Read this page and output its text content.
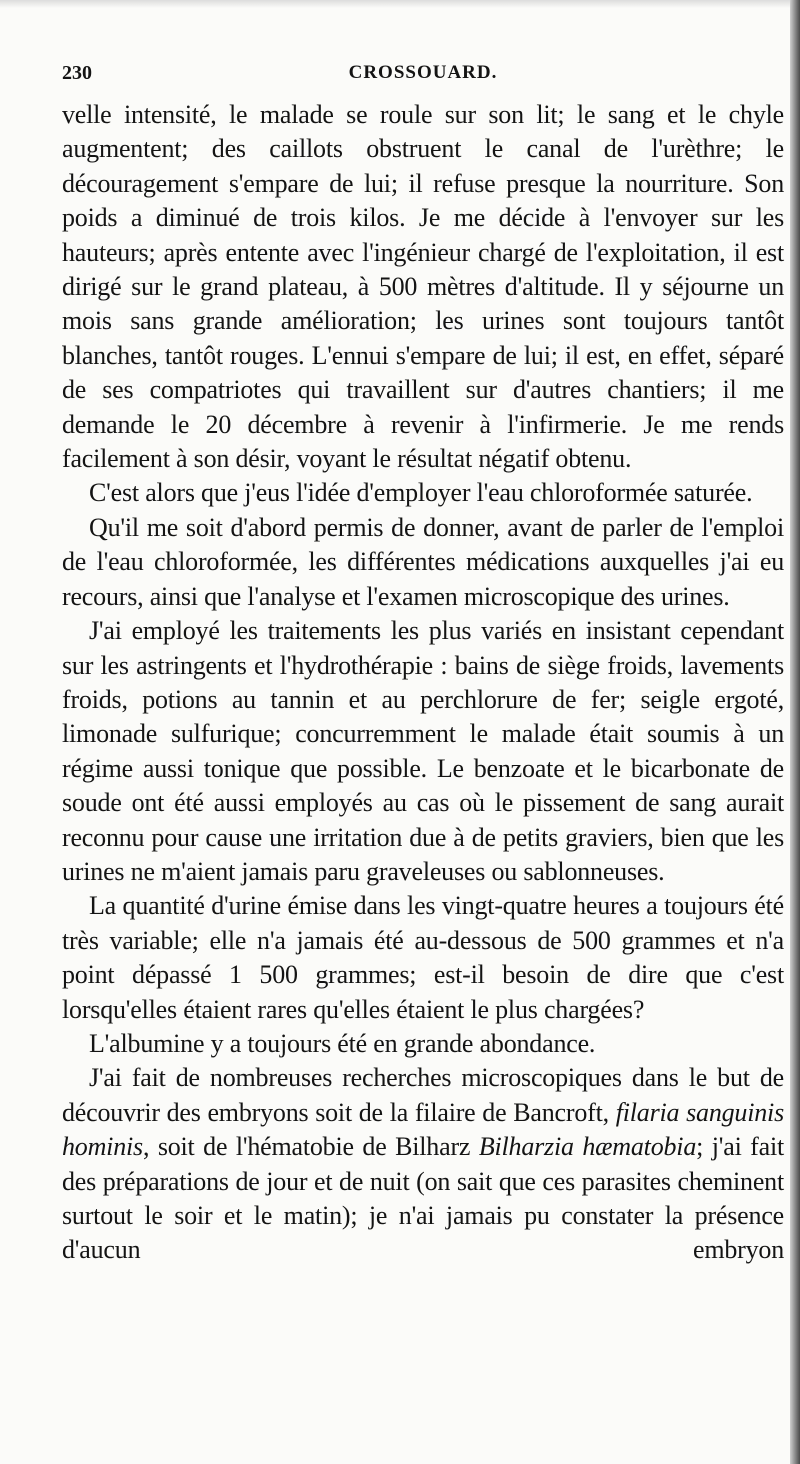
230	CROSSOUARD.

velle intensité, le malade se roule sur son lit; le sang et le chyle augmentent; des caillots obstruent le canal de l'urèthre; le découragement s'empare de lui; il refuse presque la nourriture. Son poids a diminué de trois kilos. Je me décide à l'envoyer sur les hauteurs; après entente avec l'ingénieur chargé de l'exploitation, il est dirigé sur le grand plateau, à 500 mètres d'altitude. Il y séjourne un mois sans grande amélioration; les urines sont toujours tantôt blanches, tantôt rouges. L'ennui s'empare de lui; il est, en effet, séparé de ses compatriotes qui travaillent sur d'autres chantiers; il me demande le 20 décembre à revenir à l'infirmerie. Je me rends facilement à son désir, voyant le résultat négatif obtenu.

C'est alors que j'eus l'idée d'employer l'eau chloroformée saturée.

Qu'il me soit d'abord permis de donner, avant de parler de l'emploi de l'eau chloroformée, les différentes médications auxquelles j'ai eu recours, ainsi que l'analyse et l'examen microscopique des urines.

J'ai employé les traitements les plus variés en insistant cependant sur les astringents et l'hydrothérapie : bains de siège froids, lavements froids, potions au tannin et au perchlorure de fer; seigle ergoté, limonade sulfurique; concurremment le malade était soumis à un régime aussi tonique que possible. Le benzoate et le bicarbonate de soude ont été aussi employés au cas où le pissement de sang aurait reconnu pour cause une irritation due à de petits graviers, bien que les urines ne m'aient jamais paru graveleuses ou sablonneuses.

La quantité d'urine émise dans les vingt-quatre heures a toujours été très variable; elle n'a jamais été au-dessous de 500 grammes et n'a point dépassé 1 500 grammes; est-il besoin de dire que c'est lorsqu'elles étaient rares qu'elles étaient le plus chargées?

L'albumine y a toujours été en grande abondance.

J'ai fait de nombreuses recherches microscopiques dans le but de découvrir des embryons soit de la filaire de Bancroft, filaria sanguinis hominis, soit de l'hématobie de Bilharz Bilharzia hæmatobia; j'ai fait des préparations de jour et de nuit (on sait que ces parasites cheminent surtout le soir et le matin); je n'ai jamais pu constater la présence d'aucun embryon
